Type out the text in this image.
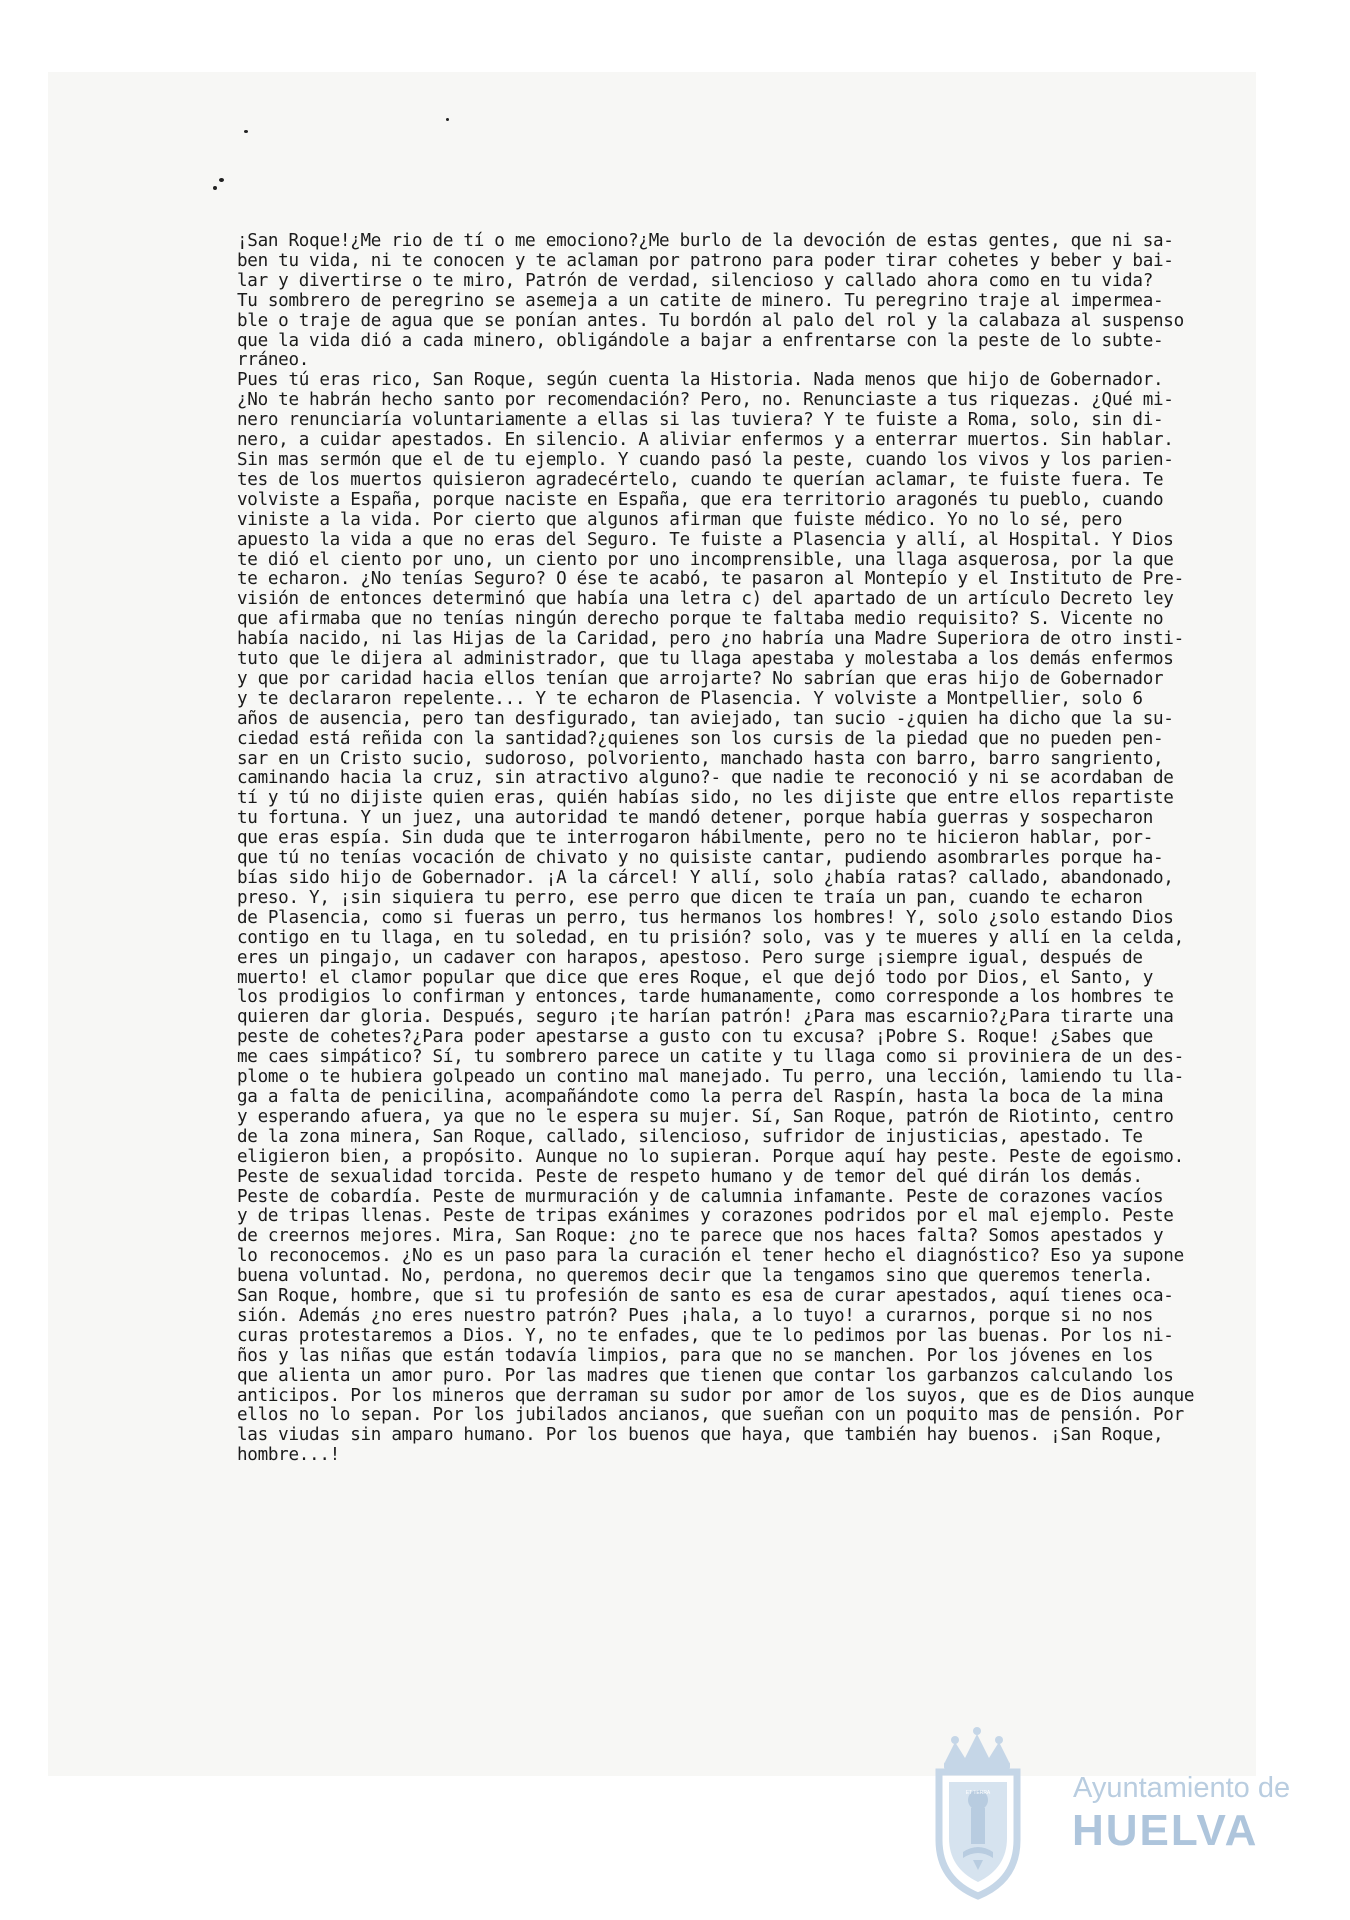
¡San Roque!¿Me rio de tí o me emociono?¿Me burlo de la devoción de estas gentes, que ni sa-
ben tu vida, ni te conocen y te aclaman por patrono para poder tirar cohetes y beber y bai-
lar y divertirse o te miro, Patrón de verdad, silencioso y callado ahora como en tu vida?
Tu sombrero de peregrino se asemeja a un catite de minero. Tu peregrino traje al impermea-
ble o traje de agua que se ponían antes. Tu bordón al palo del rol y la calabaza al suspenso
que la vida dió a cada minero, obligándole a bajar a enfrentarse con la peste de lo subte-
rráneo.
Pues tú eras rico, San Roque, según cuenta la Historia. Nada menos que hijo de Gobernador.
¿No te habrán hecho santo por recomendación? Pero, no. Renunciaste a tus riquezas. ¿Qué mi-
nero renunciaría voluntariamente a ellas si las tuviera? Y te fuiste a Roma, solo, sin di-
nero, a cuidar apestados. En silencio. A aliviar enfermos y a enterrar muertos. Sin hablar.
Sin mas sermón que el de tu ejemplo. Y cuando pasó la peste, cuando los vivos y los parien-
tes de los muertos quisieron agradecértelo, cuando te querían aclamar, te fuiste fuera. Te
volviste a España, porque naciste en España, que era territorio aragonés tu pueblo, cuando
viniste a la vida. Por cierto que algunos afirman que fuiste médico. Yo no lo sé, pero
apuesto la vida a que no eras del Seguro. Te fuiste a Plasencia y allí, al Hospital. Y Dios
te dió el ciento por uno, un ciento por uno incomprensible, una llaga asquerosa, por la que
te echaron. ¿No tenías Seguro? O ése te acabó, te pasaron al Montepío y el Instituto de Pre-
visión de entonces determinó que había una letra c) del apartado de un artículo Decreto ley
que afirmaba que no tenías ningún derecho porque te faltaba medio requisito? S. Vicente no
había nacido, ni las Hijas de la Caridad, pero ¿no habría una Madre Superiora de otro insti-
tuto que le dijera al administrador, que tu llaga apestaba y molestaba a los demás enfermos
y que por caridad hacia ellos tenían que arrojarte? No sabrían que eras hijo de Gobernador
y te declararon repelente... Y te echaron de Plasencia. Y volviste a Montpellier, solo 6
años de ausencia, pero tan desfigurado, tan aviejado, tan sucio -¿quien ha dicho que la su-
ciedad está reñida con la santidad?¿quienes son los cursis de la piedad que no pueden pen-
sar en un Cristo sucio, sudoroso, polvoriento, manchado hasta con barro, barro sangriento,
caminando hacia la cruz, sin atractivo alguno?- que nadie te reconoció y ni se acordaban de
tí y tú no dijiste quien eras, quién habías sido, no les dijiste que entre ellos repartiste
tu fortuna. Y un juez, una autoridad te mandó detener, porque había guerras y sospecharon
que eras espía. Sin duda que te interrogaron hábilmente, pero no te hicieron hablar, por-
que tú no tenías vocación de chivato y no quisiste cantar, pudiendo asombrarles porque ha-
bías sido hijo de Gobernador. ¡A la cárcel! Y allí, solo ¿había ratas? callado, abandonado,
preso. Y, ¡sin siquiera tu perro, ese perro que dicen te traía un pan, cuando te echaron
de Plasencia, como si fueras un perro, tus hermanos los hombres! Y, solo ¿solo estando Dios
contigo en tu llaga, en tu soledad, en tu prisión? solo, vas y te mueres y allí en la celda,
eres un pingajo, un cadaver con harapos, apestoso. Pero surge ¡siempre igual, después de
muerto! el clamor popular que dice que eres Roque, el que dejó todo por Dios, el Santo, y
los prodigios lo confirman y entonces, tarde humanamente, como corresponde a los hombres te
quieren dar gloria. Después, seguro ¡te harían patrón! ¿Para mas escarnio?¿Para tirarte una
peste de cohetes?¿Para poder apestarse a gusto con tu excusa? ¡Pobre S. Roque! ¿Sabes que
me caes simpático? Sí, tu sombrero parece un catite y tu llaga como si proviniera de un des-
plome o te hubiera golpeado un contino mal manejado. Tu perro, una lección, lamiendo tu lla-
ga a falta de penicilina, acompañándote como la perra del Raspín, hasta la boca de la mina
y esperando afuera, ya que no le espera su mujer. Sí, San Roque, patrón de Riotinto, centro
de la zona minera, San Roque, callado, silencioso, sufridor de injusticias, apestado. Te
eligieron bien, a propósito. Aunque no lo supieran. Porque aquí hay peste. Peste de egoismo.
Peste de sexualidad torcida. Peste de respeto humano y de temor del qué dirán los demás.
Peste de cobardía. Peste de murmuración y de calumnia infamante. Peste de corazones vacíos
y de tripas llenas. Peste de tripas exánimes y corazones podridos por el mal ejemplo. Peste
de creernos mejores. Mira, San Roque: ¿no te parece que nos haces falta? Somos apestados y
lo reconocemos. ¿No es un paso para la curación el tener hecho el diagnóstico? Eso ya supone
buena voluntad. No, perdona, no queremos decir que la tengamos sino que queremos tenerla.
San Roque, hombre, que si tu profesión de santo es esa de curar apestados, aquí tienes oca-
sión. Además ¿no eres nuestro patrón? Pues ¡hala, a lo tuyo! a curarnos, porque si no nos
curas protestaremos a Dios. Y, no te enfades, que te lo pedimos por las buenas. Por los ni-
ños y las niñas que están todavía limpios, para que no se manchen. Por los jóvenes en los
que alienta un amor puro. Por las madres que tienen que contar los garbanzos calculando los
anticipos. Por los mineros que derraman su sudor por amor de los suyos, que es de Dios aunque
ellos no lo sepan. Por los jubilados ancianos, que sueñan con un poquito mas de pensión. Por
las viudas sin amparo humano. Por los buenos que haya, que también hay buenos. ¡San Roque,
hombre...!
ET TERRA	Ayuntamiento de
HUELVA
